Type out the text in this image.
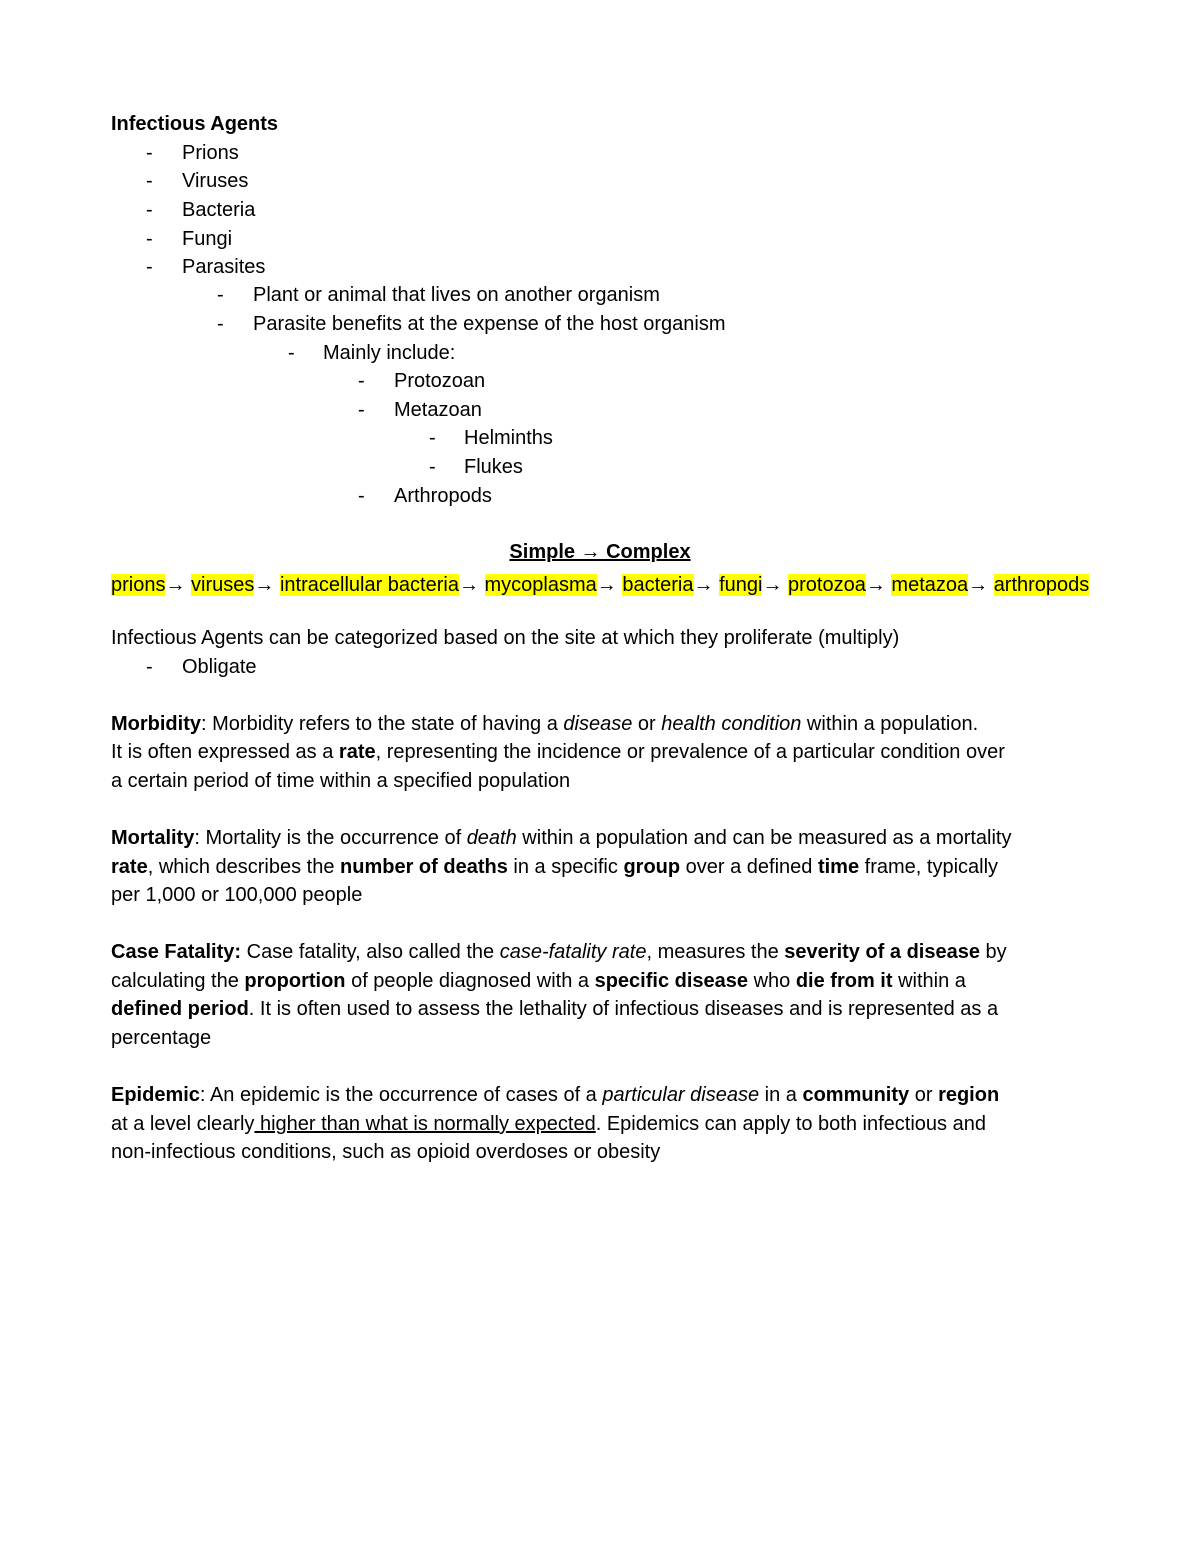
Infectious Agents
- Prions
- Viruses
- Bacteria
- Fungi
- Parasites
- Plant or animal that lives on another organism
- Parasite benefits at the expense of the host organism
- Mainly include:
- Protozoan
- Metazoan
- Helminths
- Flukes
- Arthropods
Simple → Complex
prions→ viruses→ intracellular bacteria→ mycoplasma→ bacteria→ fungi→ protozoa→ metazoa→ arthropods
Infectious Agents can be categorized based on the site at which they proliferate (multiply)
- Obligate
Morbidity: Morbidity refers to the state of having a disease or health condition within a population.
It is often expressed as a rate, representing the incidence or prevalence of a particular condition over
a certain period of time within a specified population
Mortality: Mortality is the occurrence of death within a population and can be measured as a mortality
rate, which describes the number of deaths in a specific group over a defined time frame, typically
per 1,000 or 100,000 people
Case Fatality: Case fatality, also called the case-fatality rate, measures the severity of a disease by
calculating the proportion of people diagnosed with a specific disease who die from it within a
defined period. It is often used to assess the lethality of infectious diseases and is represented as a
percentage
Epidemic: An epidemic is the occurrence of cases of a particular disease in a community or region
at a level clearly higher than what is normally expected. Epidemics can apply to both infectious and
non-infectious conditions, such as opioid overdoses or obesity
